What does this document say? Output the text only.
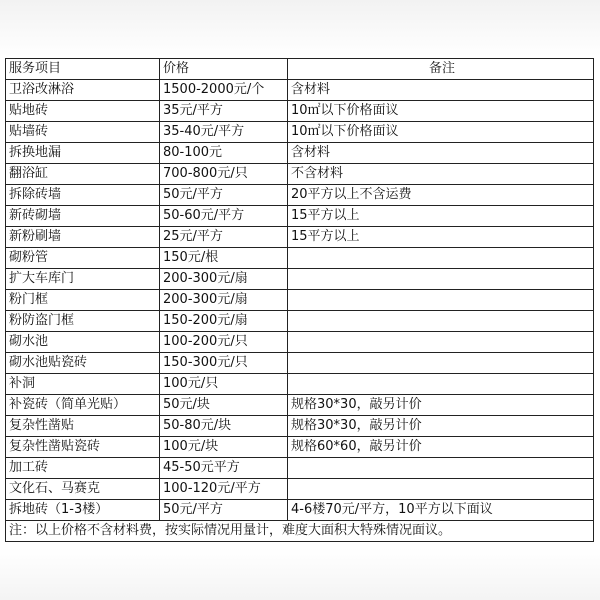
服务项目	价格	备注
卫浴改淋浴	1500-2000元/个	含材料
贴地砖	35元/平方	10㎡以下价格面议
贴墙砖	35-40元/平方	10㎡以下价格面议
拆换地漏	80-100元	含材料
翻浴缸	700-800元/只	不含材料
拆除砖墙	50元/平方	20平方以上不含运费
新砖砌墙	50-60元/平方	15平方以上
新粉刷墙	25元/平方	15平方以上
砌粉管	150元/根	
扩大车库门	200-300元/扇	
粉门框	200-300元/扇	
粉防盗门框	150-200元/扇	
砌水池	100-200元/只	
砌水池贴瓷砖	150-300元/只	
补洞	100元/只	
补瓷砖（简单光贴）	50元/块	规格30*30，敲另计价
复杂性凿贴	50-80元/块	规格30*30，敲另计价
复杂性凿贴瓷砖	100元/块	规格60*60，敲另计价
加工砖	45-50元平方	
文化石、马赛克	100-120元/平方	
拆地砖（1-3楼）	50元/平方	4-6楼70元/平方，10平方以下面议
注：以上价格不含材料费，按实际情况用量计，难度大面积大特殊情况面议。		
